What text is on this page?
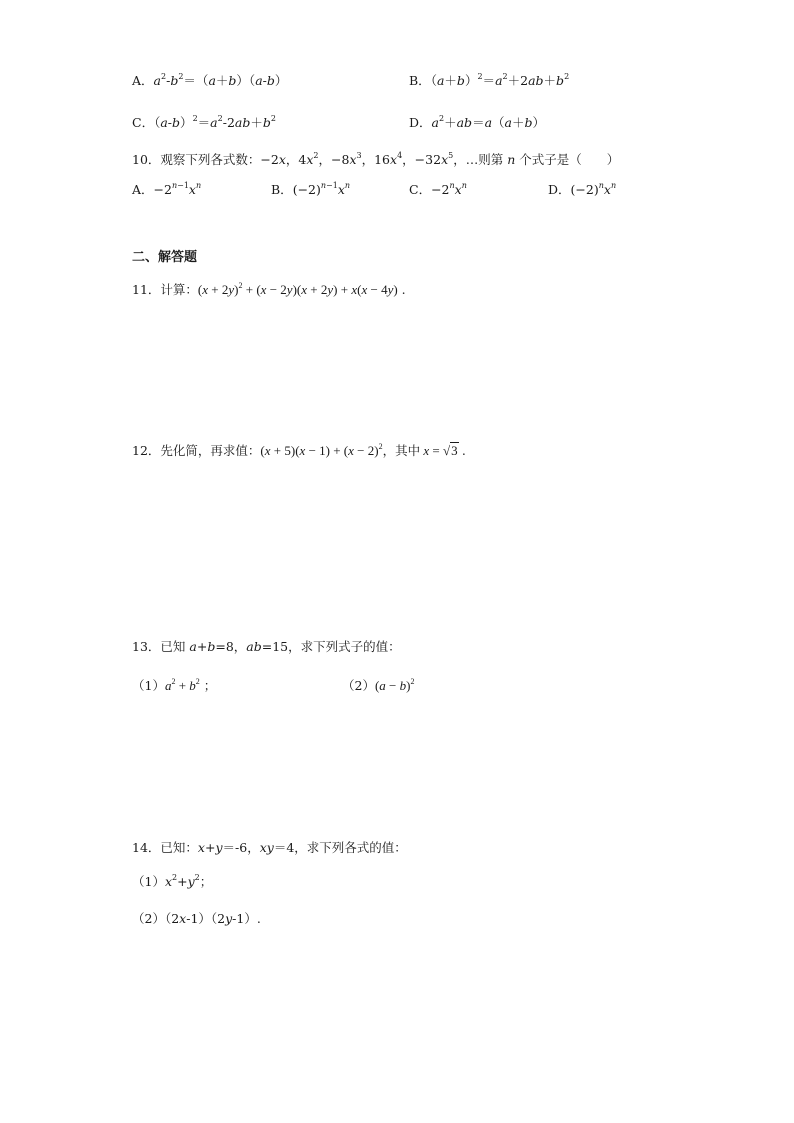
A．$a^2-b^2=(a+b)(a-b)$	B．$(a+b)^2=a^2+2ab+b^2$
C．$(a-b)^2=a^2-2ab+b^2$	D．$a^2+ab=a(a+b)$
10．观察下列各式数：−2x，$4x^2$，$-8x^3$，$16x^4$，$-32x^5$，…则第 n 个式子是（　　）
A．$-2^{n-1}x^n$	B．$(-2)^{n-1}x^n$	C．$-2^nx^n$	D．$(-2)^nx^n$
二、解答题
11．计算：$(x + 2y)^2 + (x - 2y)(x + 2y) + x(x - 4y)$ .
12．先化简，再求值：$(x + 5)(x - 1) + (x - 2)^2$，其中 x = √3 .
13．已知 a+b=8，ab=15，求下列式子的值：
$(1)a^2 + b^2$ ；	$(2)(a - b)^2$
14．已知：x+y＝-6，xy＝4，求下列各式的值：
$(1)x^2+y^2$；
（2）（2x-1）（2y-1）.
